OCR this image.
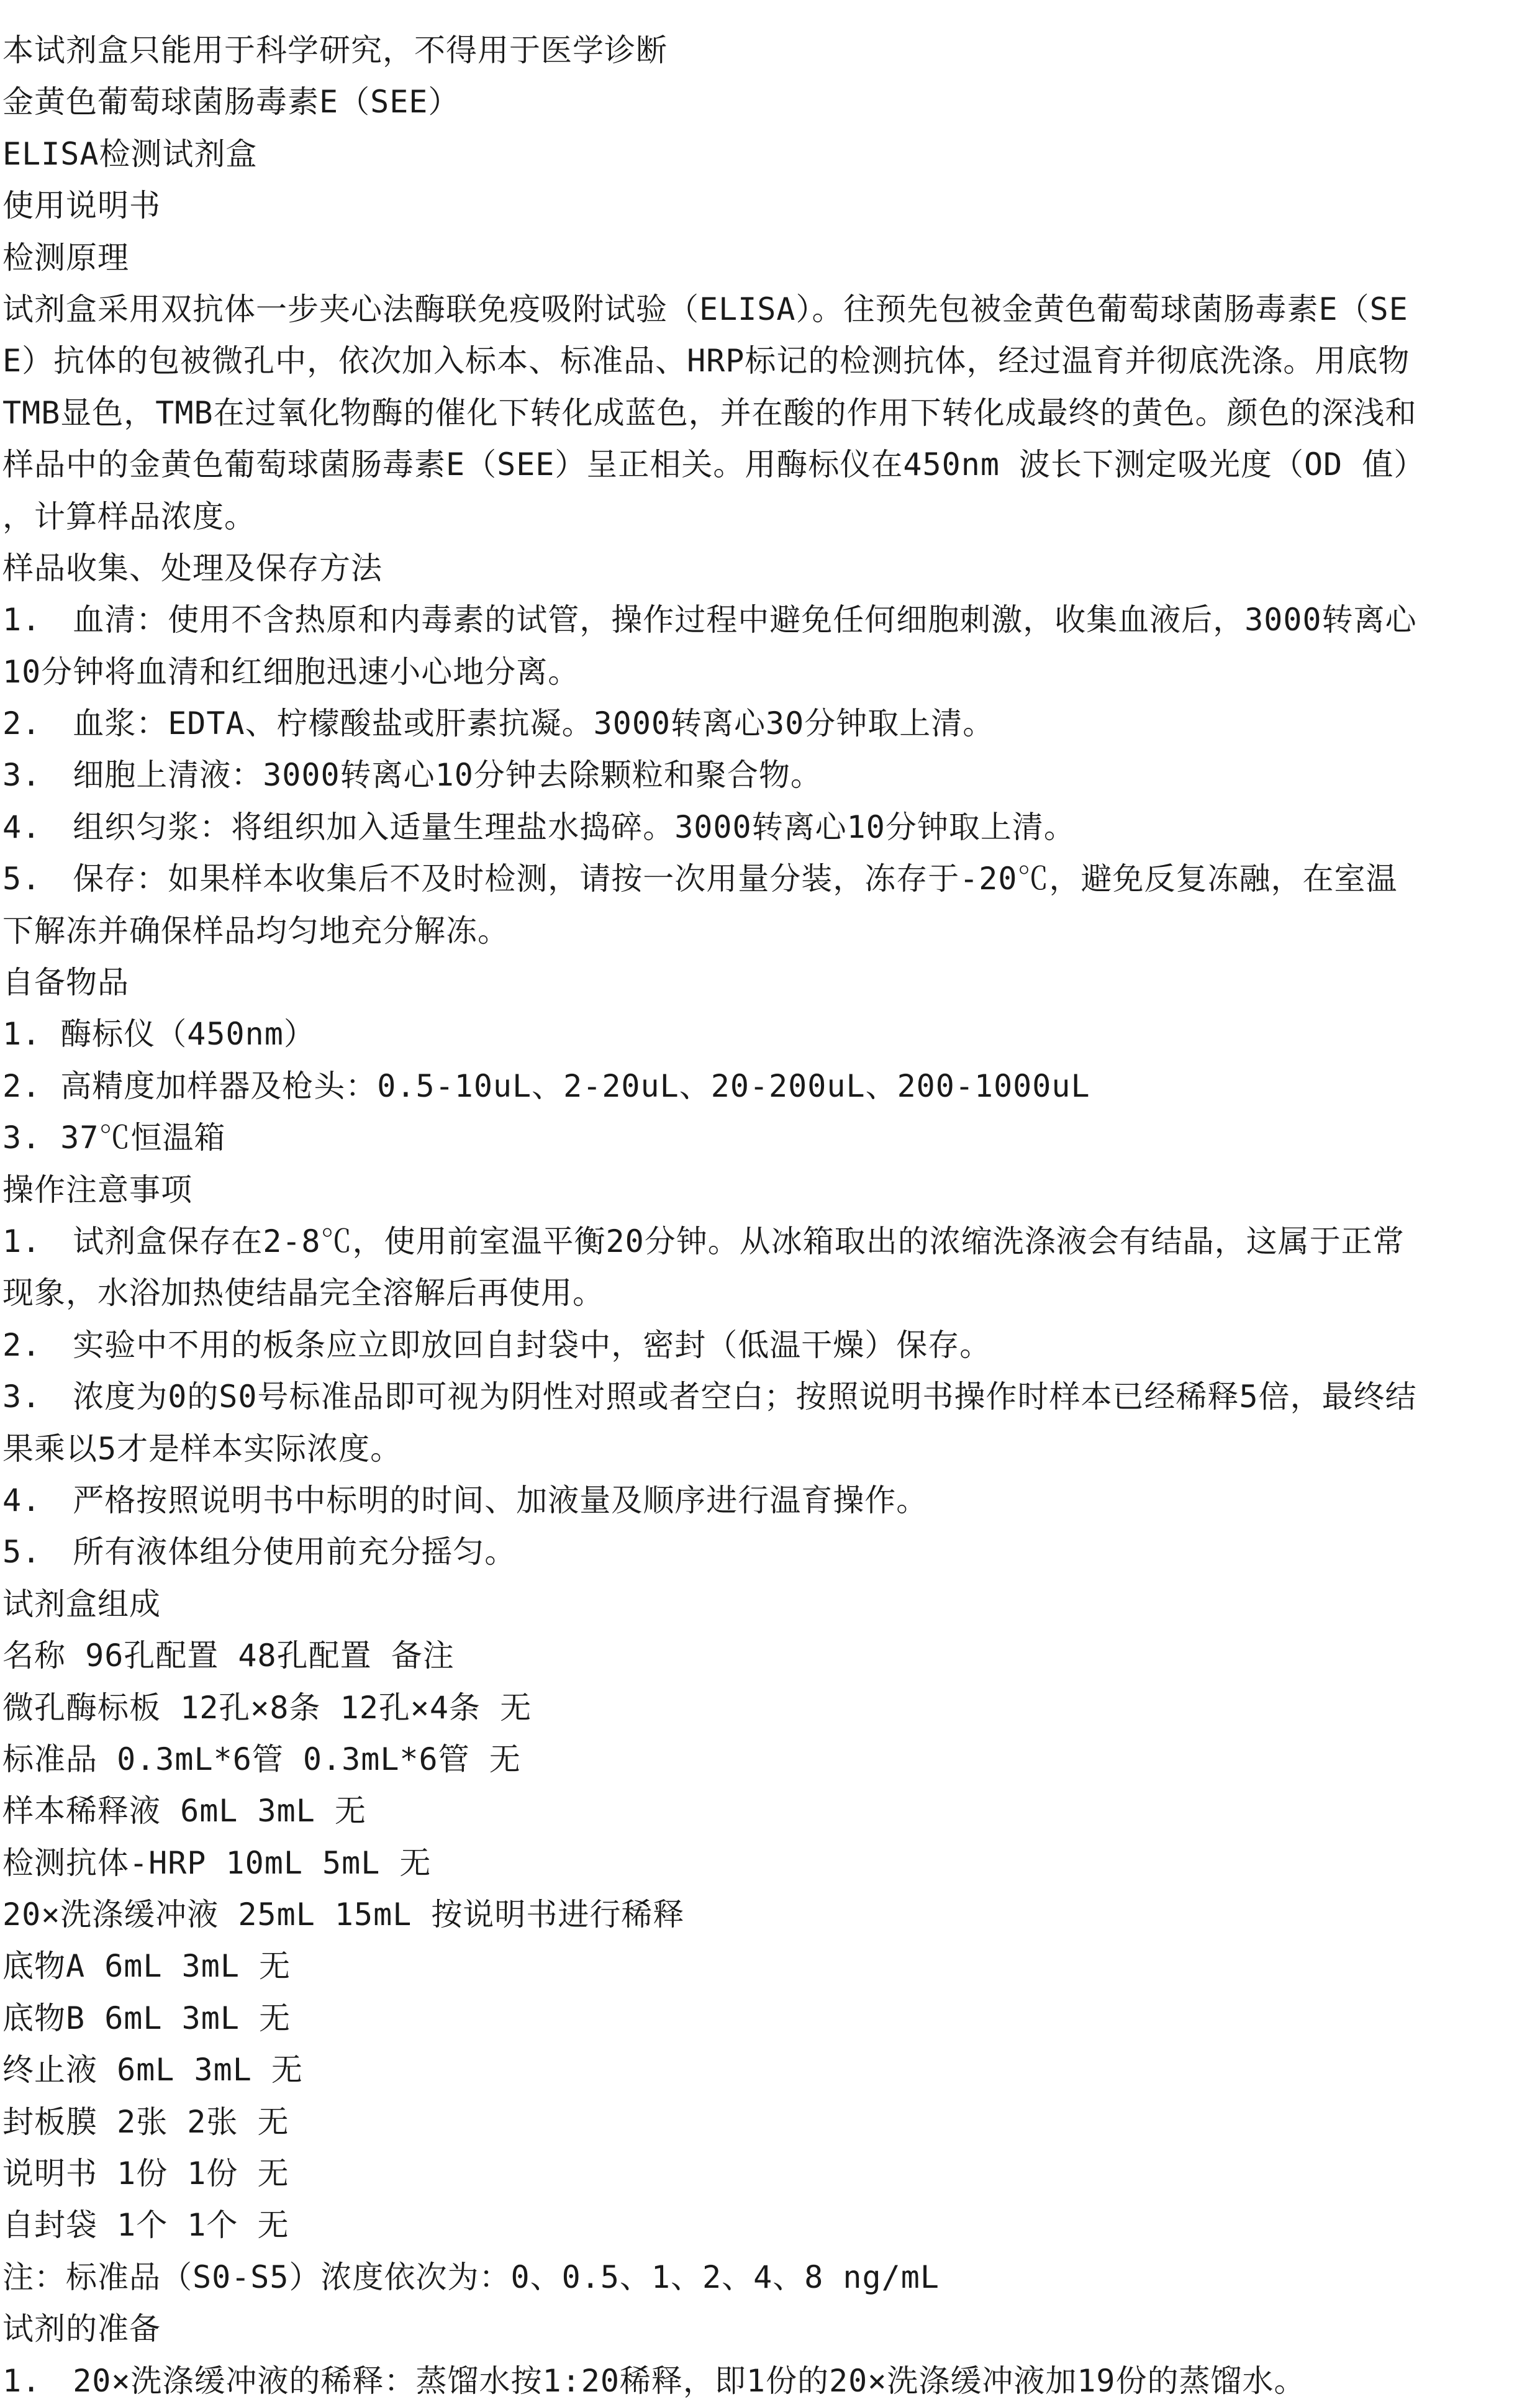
本试剂盒只能用于科学研究，不得用于医学诊断
金黄色葡萄球菌肠毒素E（SEE）
ELISA检测试剂盒
使用说明书
检测原理
试剂盒采用双抗体一步夹心法酶联免疫吸附试验（ELISA）。往预先包被金黄色葡萄球菌肠毒素E（SE
E）抗体的包被微孔中，依次加入标本、标准品、HRP标记的检测抗体，经过温育并彻底洗涤。用底物
TMB显色，TMB在过氧化物酶的催化下转化成蓝色，并在酸的作用下转化成最终的黄色。颜色的深浅和
样品中的金黄色葡萄球菌肠毒素E（SEE）呈正相关。用酶标仪在450nm 波长下测定吸光度（OD 值）
，计算样品浓度。
样品收集、处理及保存方法
1.　血清：使用不含热原和内毒素的试管，操作过程中避免任何细胞刺激，收集血液后，3000转离心
10分钟将血清和红细胞迅速小心地分离。
2.　血浆：EDTA、柠檬酸盐或肝素抗凝。3000转离心30分钟取上清。
3.　细胞上清液：3000转离心10分钟去除颗粒和聚合物。
4.　组织匀浆：将组织加入适量生理盐水捣碎。3000转离心10分钟取上清。
5.　保存：如果样本收集后不及时检测，请按一次用量分装，冻存于-20℃，避免反复冻融，在室温
下解冻并确保样品均匀地充分解冻。
自备物品
1. 酶标仪（450nm）
2. 高精度加样器及枪头：0.5-10uL、2-20uL、20-200uL、200-1000uL
3. 37℃恒温箱
操作注意事项
1.　试剂盒保存在2-8℃，使用前室温平衡20分钟。从冰箱取出的浓缩洗涤液会有结晶，这属于正常
现象，水浴加热使结晶完全溶解后再使用。
2.　实验中不用的板条应立即放回自封袋中，密封（低温干燥）保存。
3.　浓度为0的S0号标准品即可视为阴性对照或者空白；按照说明书操作时样本已经稀释5倍，最终结
果乘以5才是样本实际浓度。
4.　严格按照说明书中标明的时间、加液量及顺序进行温育操作。
5.　所有液体组分使用前充分摇匀。
试剂盒组成
名称 96孔配置 48孔配置 备注
微孔酶标板 12孔×8条 12孔×4条 无
标准品 0.3mL*6管 0.3mL*6管 无
样本稀释液 6mL 3mL 无
检测抗体-HRP 10mL 5mL 无
20×洗涤缓冲液 25mL 15mL 按说明书进行稀释
底物A 6mL 3mL 无
底物B 6mL 3mL 无
终止液 6mL 3mL 无
封板膜 2张 2张 无
说明书 1份 1份 无
自封袋 1个 1个 无
注：标准品（S0-S5）浓度依次为：0、0.5、1、2、4、8 ng/mL
试剂的准备
1.　20×洗涤缓冲液的稀释：蒸馏水按1:20稀释，即1份的20×洗涤缓冲液加19份的蒸馏水。
